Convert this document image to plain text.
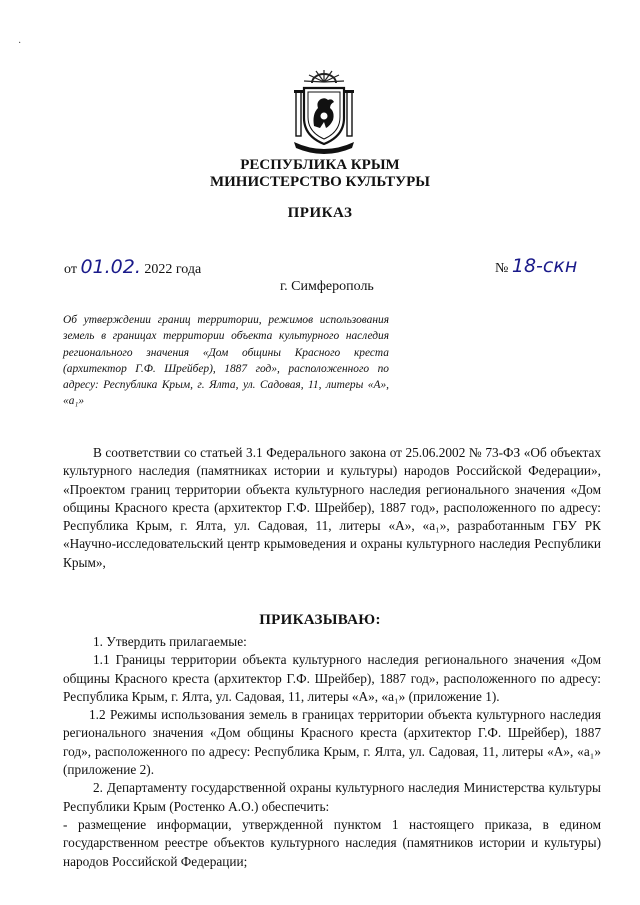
·
РЕСПУБЛИКА КРЫМ
МИНИСТЕРСТВО КУЛЬТУРЫ
ПРИКАЗ
от 01.02. 2022 года	№ 18-скн
г. Симферополь
Об утверждении границ территории, режимов использования земель в границах территории объекта культурного наследия регионального значения «Дом общины Красного креста (архитектор Г.Ф. Шрейбер), 1887 год», расположенного по адресу: Республика Крым, г. Ялта, ул. Садовая, 11, литеры «А», «а₁»
В соответствии со статьей 3.1 Федерального закона от 25.06.2002 № 73-ФЗ «Об объектах культурного наследия (памятниках истории и культуры) народов Российской Федерации», «Проектом границ территории объекта культурного наследия регионального значения «Дом общины Красного креста (архитектор Г.Ф. Шрейбер), 1887 год», расположенного по адресу: Республика Крым, г. Ялта, ул. Садовая, 11, литеры «А», «а₁», разработанным ГБУ РК «Научно-исследовательский центр крымоведения и охраны культурного наследия Республики Крым»,
ПРИКАЗЫВАЮ:

1. Утвердить прилагаемые:

1.1 Границы территории объекта культурного наследия регионального значения «Дом общины Красного креста (архитектор Г.Ф. Шрейбер), 1887 год», расположенного по адресу: Республика Крым, г. Ялта, ул. Садовая, 11, литеры «А», «а₁» (приложение 1).

1.2 Режимы использования земель в границах территории объекта культурного наследия регионального значения «Дом общины Красного креста (архитектор Г.Ф. Шрейбер), 1887 год», расположенного по адресу: Республика Крым, г. Ялта, ул. Садовая, 11, литеры «А», «а₁» (приложение 2).

2. Департаменту государственной охраны культурного наследия Министерства культуры Республики Крым (Ростенко А.О.) обеспечить:

- размещение информации, утвержденной пунктом 1 настоящего приказа, в едином государственном реестре объектов культурного наследия (памятников истории и культуры) народов Российской Федерации;
